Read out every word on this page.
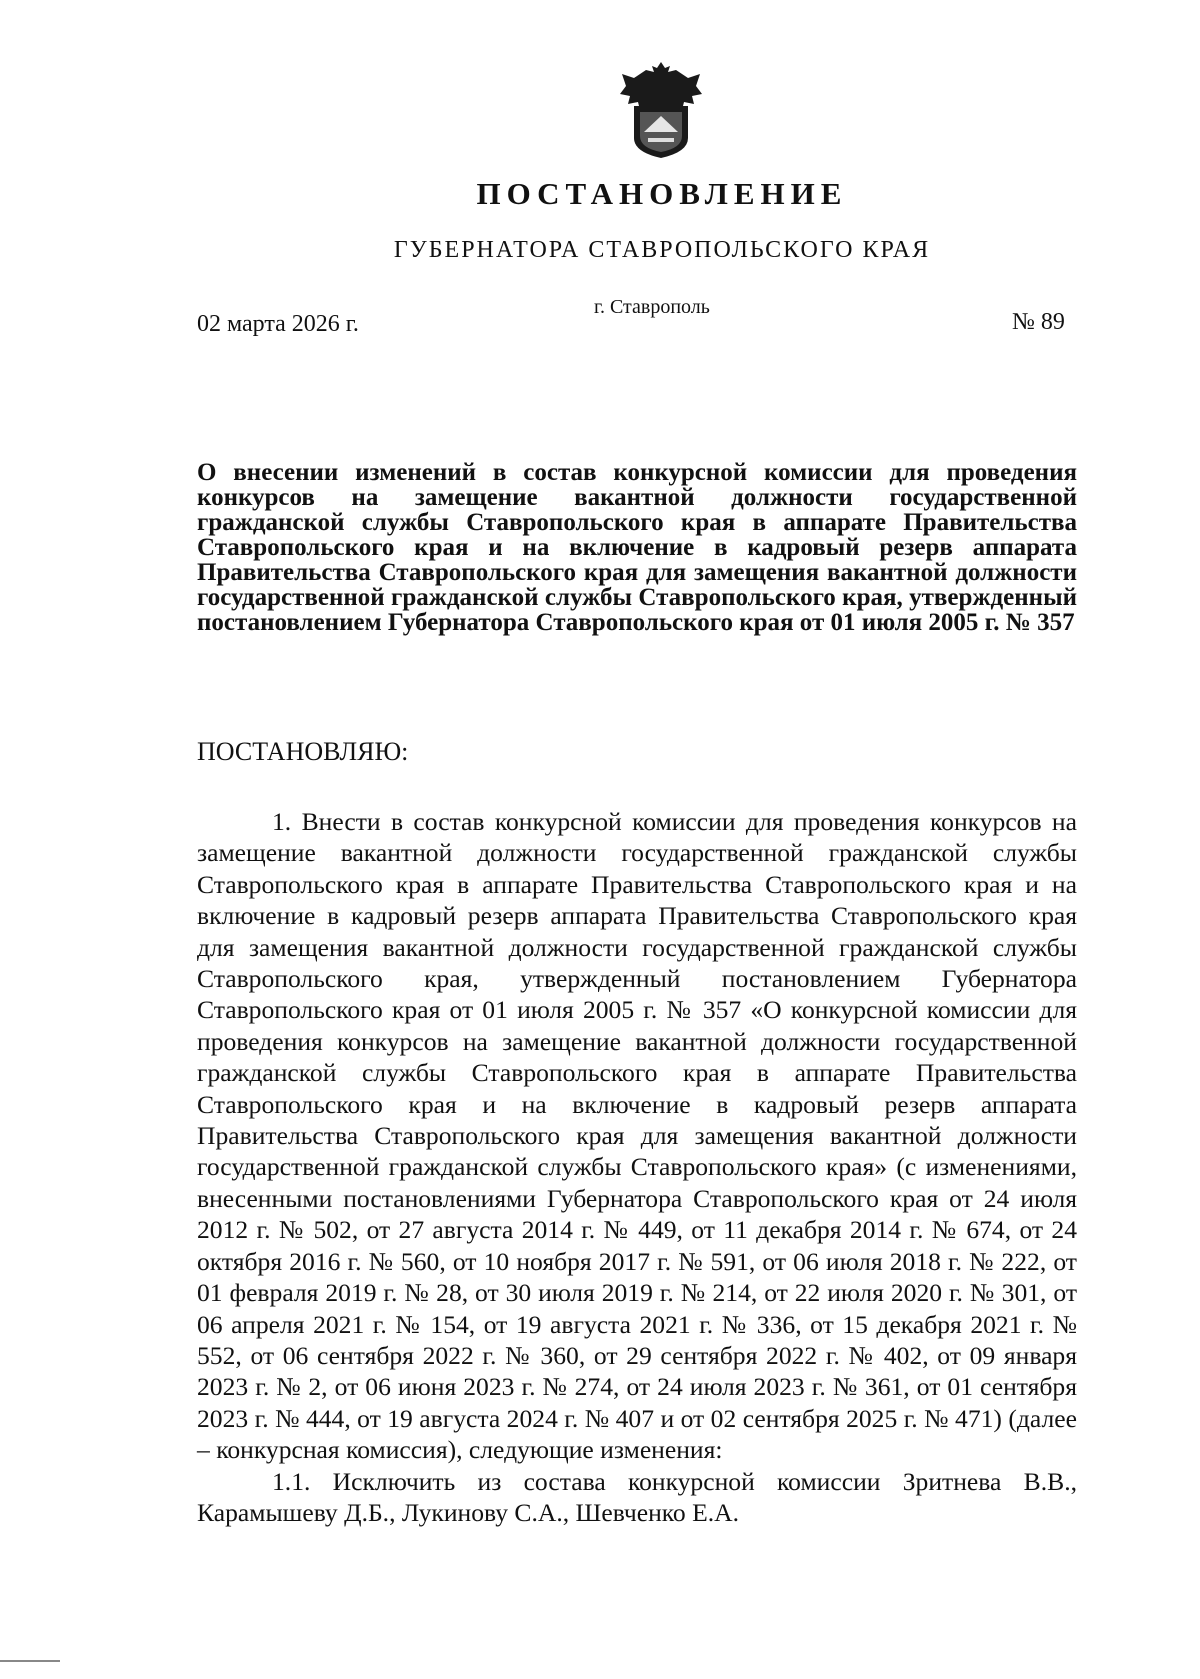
ПОСТАНОВЛЕНИЕ
ГУБЕРНАТОРА СТАВРОПОЛЬСКОГО КРАЯ
02 марта 2026 г.
г. Ставрополь
№ 89
О внесении изменений в состав конкурсной комиссии для проведения конкурсов на замещение вакантной должности государственной гражданской службы Ставропольского края в аппарате Правительства Ставропольского края и на включение в кадровый резерв аппарата Правительства Ставропольского края для замещения вакантной должности государственной гражданской службы Ставропольского края, утвержденный постановлением Губернатора Ставропольского края от 01 июля 2005 г. № 357
ПОСТАНОВЛЯЮ:

1. Внести в состав конкурсной комиссии для проведения конкурсов на замещение вакантной должности государственной гражданской службы Ставропольского края в аппарате Правительства Ставропольского края и на включение в кадровый резерв аппарата Правительства Ставропольского края для замещения вакантной должности государственной гражданской службы Ставропольского края, утвержденный постановлением Губернатора Ставропольского края от 01 июля 2005 г. № 357 «О конкурсной комиссии для проведения конкурсов на замещение вакантной должности государственной гражданской службы Ставропольского края в аппарате Правительства Ставропольского края и на включение в кадровый резерв аппарата Правительства Ставропольского края для замещения вакантной должности государственной гражданской службы Ставропольского края» (с изменениями, внесенными постановлениями Губернатора Ставропольского края от 24 июля 2012 г. № 502, от 27 августа 2014 г. № 449, от 11 декабря 2014 г. № 674, от 24 октября 2016 г. № 560, от 10 ноября 2017 г. № 591, от 06 июля 2018 г. № 222, от 01 февраля 2019 г. № 28, от 30 июля 2019 г. № 214, от 22 июля 2020 г. № 301, от 06 апреля 2021 г. № 154, от 19 августа 2021 г. № 336, от 15 декабря 2021 г. № 552, от 06 сентября 2022 г. № 360, от 29 сентября 2022 г. № 402, от 09 января 2023 г. № 2, от 06 июня 2023 г. № 274, от 24 июля 2023 г. № 361, от 01 сентября 2023 г. № 444, от 19 августа 2024 г. № 407 и от 02 сентября 2025 г. № 471) (далее – конкурсная комиссия), следующие изменения:

1.1. Исключить из состава конкурсной комиссии Зритнева В.В., Карамышеву Д.Б., Лукинову С.А., Шевченко Е.А.
